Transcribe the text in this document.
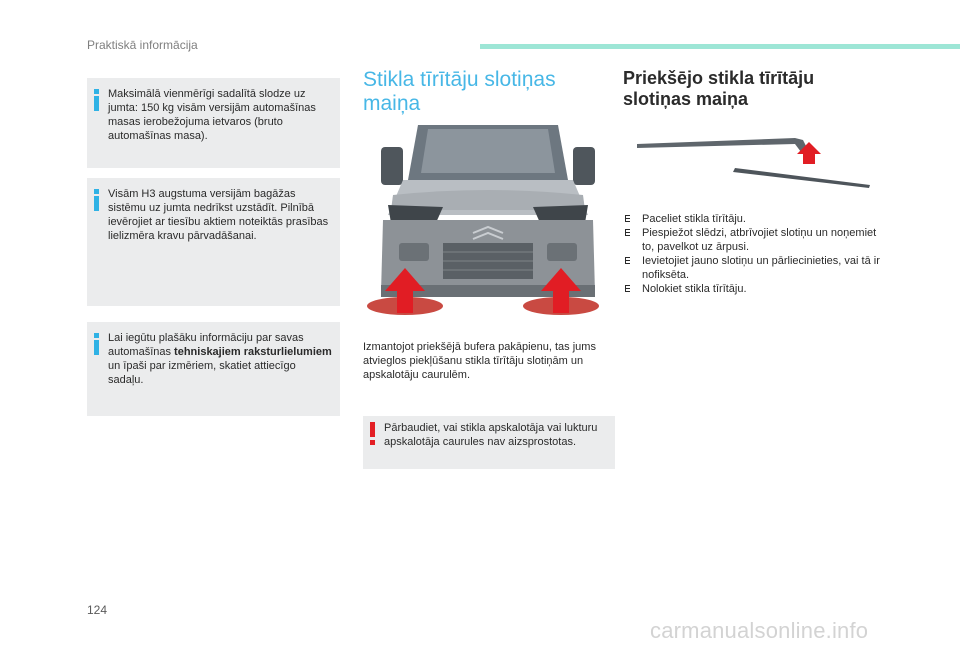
Praktiskā informācija
Maksimālā vienmērīgi sadalītā slodze uz jumta: 150 kg visām versijām automašīnas masas ierobežojuma ietvaros (bruto automašīnas masa).
Visām H3 augstuma versijām bagāžas sistēmu uz jumta nedrīkst uzstādīt. Pilnībā ievērojiet ar tiesību aktiem noteiktās prasības lielizmēra kravu pārvadāšanai.
Lai iegūtu plašāku informāciju par savas automašīnas tehniskajiem raksturlielumiem un īpaši par izmēriem, skatiet attiecīgo sadaļu.
Stikla tīrītāju slotiņas maiņa
Izmantojot priekšējā bufera pakāpienu, tas jums atvieglos piekļūšanu stikla tīrītāju slotiņām un apskalotāju caurulēm.
Pārbaudiet, vai stikla apskalotāja vai lukturu apskalotāja caurules nav aizsprostotas.
Priekšējo stikla tīrītāju slotiņas maiņa
Paceliet stikla tīrītāju.
Piespiežot slēdzi, atbrīvojiet slotiņu un noņemiet to, pavelkot uz ārpusi.
Ievietojiet jauno slotiņu un pārliecinieties, vai tā ir nofiksēta.
Nolokiet stikla tīrītāju.
124
carmanualsonline.info
